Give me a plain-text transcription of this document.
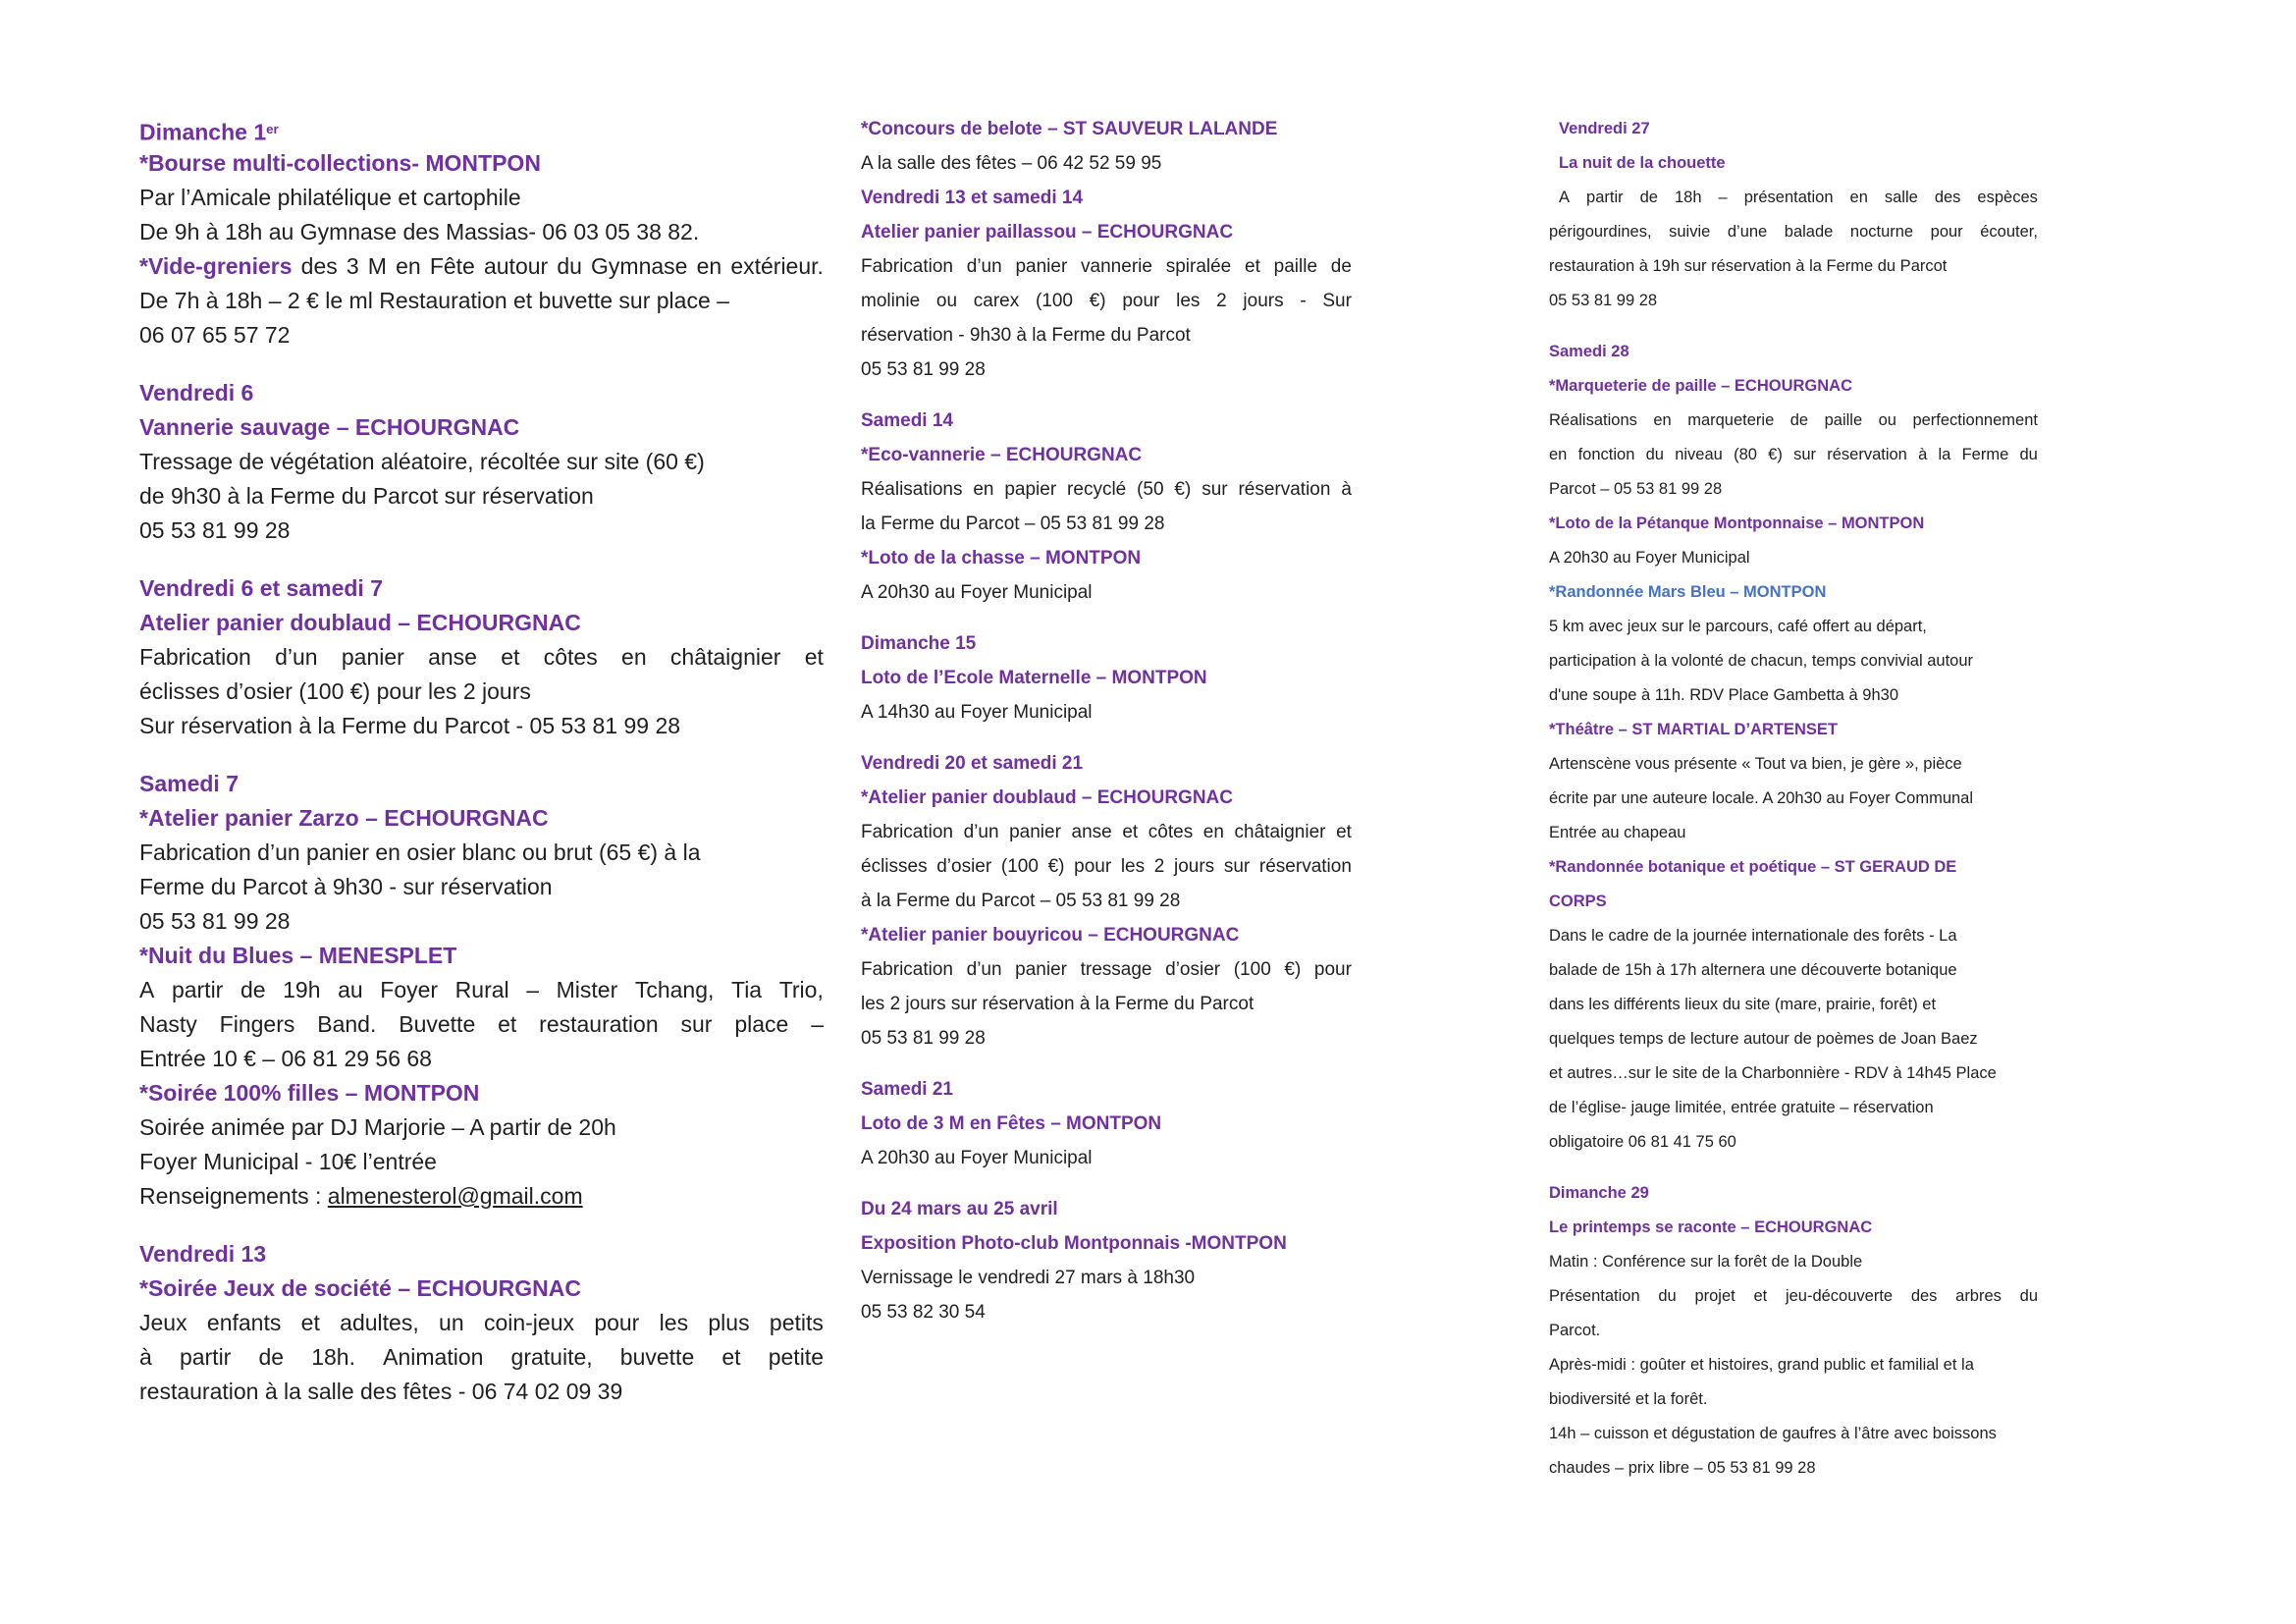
Dimanche 1er
*Bourse multi-collections- MONTPON
Par l’Amicale philatélique et cartophile
De 9h à 18h au Gymnase des Massias- 06 03 05 38 82.
*Vide-greniers des 3 M en Fête autour du Gymnase en extérieur.
De 7h à 18h – 2 € le ml Restauration et buvette sur place –
06 07 65 57 72
Vendredi 6
Vannerie sauvage – ECHOURGNAC
Tressage de végétation aléatoire, récoltée sur site (60 €)
de 9h30 à la Ferme du Parcot sur réservation
05 53 81 99 28
Vendredi 6 et samedi 7
Atelier panier doublaud – ECHOURGNAC
Fabrication d’un panier anse et côtes en châtaignier et
éclisses d’osier (100 €) pour les 2 jours
Sur réservation à la Ferme du Parcot - 05 53 81 99 28
Samedi 7
*Atelier panier Zarzo – ECHOURGNAC
Fabrication d’un panier en osier blanc ou brut (65 €) à la
Ferme du Parcot à 9h30 - sur réservation
05 53 81 99 28
*Nuit du Blues – MENESPLET
A partir de 19h au Foyer Rural – Mister Tchang, Tia Trio,
Nasty Fingers Band. Buvette et restauration sur place –
Entrée 10 € – 06 81 29 56 68
*Soirée 100% filles – MONTPON
Soirée animée par DJ Marjorie – A partir de 20h
Foyer Municipal - 10€ l’entrée
Renseignements : almenesterol@gmail.com
Vendredi 13
*Soirée Jeux de société – ECHOURGNAC
Jeux enfants et adultes, un coin-jeux pour les plus petits
à partir de 18h. Animation gratuite, buvette et petite
restauration à la salle des fêtes - 06 74 02 09 39
*Concours de belote – ST SAUVEUR LALANDE
A la salle des fêtes – 06 42 52 59 95
Vendredi 13 et samedi 14
Atelier panier paillassou – ECHOURGNAC
Fabrication d’un panier vannerie spiralée et paille de
molinie ou carex (100 €) pour les 2 jours - Sur
réservation - 9h30 à la Ferme du Parcot
05 53 81 99 28
Samedi 14
*Eco-vannerie – ECHOURGNAC
Réalisations en papier recyclé (50 €) sur réservation à
la Ferme du Parcot – 05 53 81 99 28
*Loto de la chasse – MONTPON
A 20h30 au Foyer Municipal
Dimanche 15
Loto de l’Ecole Maternelle – MONTPON
A 14h30 au Foyer Municipal
Vendredi 20 et samedi 21
*Atelier panier doublaud – ECHOURGNAC
Fabrication d’un panier anse et côtes en châtaignier et
éclisses d’osier (100 €) pour les 2 jours sur réservation
à la Ferme du Parcot – 05 53 81 99 28
*Atelier panier bouyricou – ECHOURGNAC
Fabrication d’un panier tressage d’osier (100 €) pour
les 2 jours sur réservation à la Ferme du Parcot
05 53 81 99 28
Samedi 21
Loto de 3 M en Fêtes – MONTPON
A 20h30 au Foyer Municipal
Du 24 mars au 25 avril
Exposition Photo-club Montponnais -MONTPON
Vernissage le vendredi 27 mars à 18h30
05 53 82 30 54
Vendredi 27
La nuit de la chouette
A partir de 18h – présentation en salle des espèces
périgourdines, suivie d’une balade nocturne pour écouter,
restauration à 19h sur réservation à la Ferme du Parcot
05 53 81 99 28
Samedi 28
*Marqueterie de paille – ECHOURGNAC
Réalisations en marqueterie de paille ou perfectionnement
en fonction du niveau (80 €) sur réservation à la Ferme du
Parcot – 05 53 81 99 28
*Loto de la Pétanque Montponnaise – MONTPON
A 20h30 au Foyer Municipal
*Randonnée Mars Bleu – MONTPON
5 km avec jeux sur le parcours, café offert au départ,
participation à la volonté de chacun, temps convivial autour
d'une soupe à 11h. RDV Place Gambetta à 9h30
*Théâtre – ST MARTIAL D’ARTENSET
Artenscène vous présente « Tout va bien, je gère », pièce
écrite par une auteure locale. A 20h30 au Foyer Communal
Entrée au chapeau
*Randonnée botanique et poétique – ST GERAUD DE
CORPS
Dans le cadre de la journée internationale des forêts - La
balade de 15h à 17h alternera une découverte botanique
dans les différents lieux du site (mare, prairie, forêt) et
quelques temps de lecture autour de poèmes de Joan Baez
et autres…sur le site de la Charbonnière - RDV à 14h45 Place
de l’église- jauge limitée, entrée gratuite – réservation
obligatoire 06 81 41 75 60
Dimanche 29
Le printemps se raconte – ECHOURGNAC
Matin : Conférence sur la forêt de la Double
Présentation du projet et jeu-découverte des arbres du
Parcot.
Après-midi : goûter et histoires, grand public et familial et la
biodiversité et la forêt.
14h – cuisson et dégustation de gaufres à l’âtre avec boissons
chaudes – prix libre – 05 53 81 99 28
